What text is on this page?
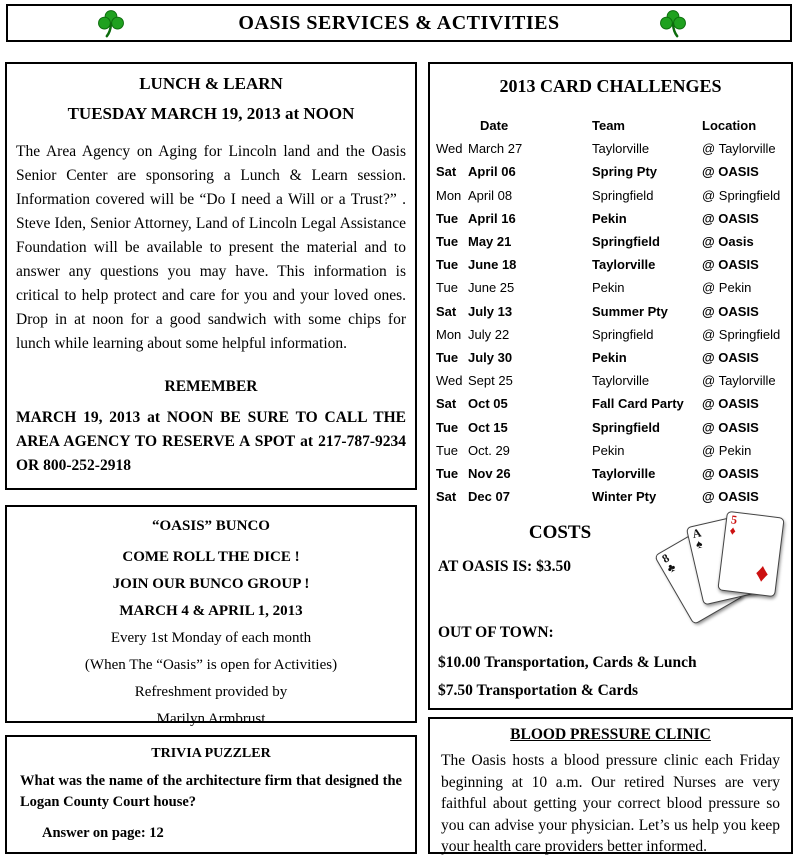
OASIS SERVICES & ACTIVITIES
LUNCH & LEARN
TUESDAY MARCH 19, 2013 at NOON

The Area Agency on Aging for Lincoln land and the Oasis Senior Center are sponsoring a Lunch & Learn session. Information covered will be “Do I need a Will or a Trust?” . Steve Iden, Senior Attorney, Land of Lincoln Legal Assistance Foundation will be available to present the material and to answer any questions you may have. This information is critical to help protect and care for you and your loved ones. Drop in at noon for a good sandwich with some chips for lunch while learning about some helpful information.

REMEMBER

MARCH 19, 2013 at NOON BE SURE TO CALL THE AREA AGENCY TO RESERVE A SPOT at 217-787-9234 OR 800-252-2918

“OASIS” BUNCO
COME ROLL THE DICE !
JOIN OUR BUNCO GROUP !
MARCH 4 & APRIL 1, 2013
Every 1st Monday of each month
(When The “Oasis” is open for Activities)
Refreshment provided by
Marilyn Armbrust
TRIVIA PUZZLER

What was the name of the architecture firm that designed the Logan County Court house?

Answer on page: 12
2013 CARD CHALLENGES
Date	Team	Location
Wed March 27	Taylorville	@ Taylorville
Sat April 06	Spring Pty	@ OASIS
Mon April 08	Springfield	@ Springfield
Tue April 16	Pekin	@ OASIS
Tue May 21	Springfield	@ Oasis
Tue June 18	Taylorville	@ OASIS
Tue June 25	Pekin	@ Pekin
Sat July 13	Summer Pty	@ OASIS
Mon July 22	Springfield	@ Springfield
Tue July 30	Pekin	@ OASIS
Wed Sept 25	Taylorville	@ Taylorville
Sat Oct 05	Fall Card Party	@ OASIS
Tue Oct 15	Springfield	@ OASIS
Tue Oct. 29	Pekin	@ Pekin
Tue Nov 26	Taylorville	@ OASIS
Sat Dec 07	Winter Pty	@ OASIS
COSTS
AT OASIS IS: $3.50
OUT OF TOWN:
$10.00 Transportation, Cards & Lunch
$7.50 Transportation & Cards
8
♣
A
♠
5
♦
♦
BLOOD PRESSURE CLINIC

The Oasis hosts a blood pressure clinic each Friday beginning at 10 a.m. Our retired Nurses are very faithful about getting your correct blood pressure so you can advise your physician. Let’s us help you keep your health care providers better informed.
